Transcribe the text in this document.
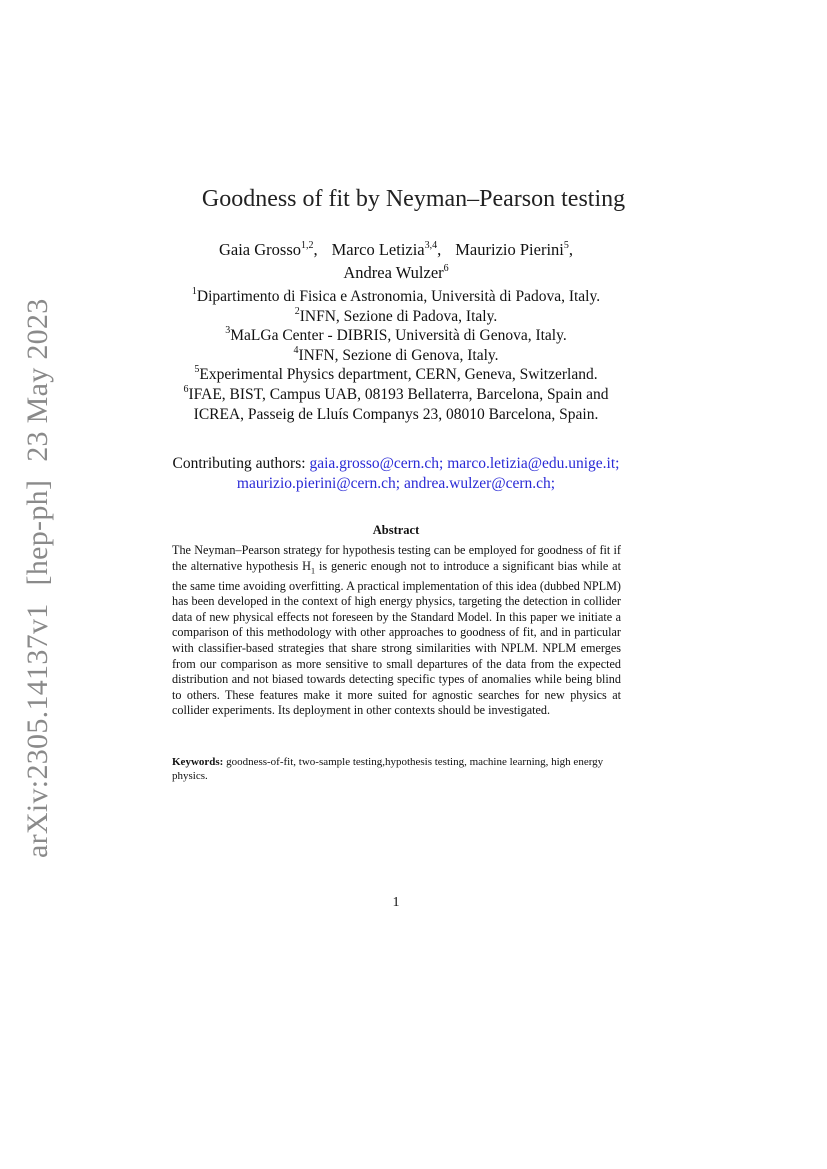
arXiv:2305.14137v1[hep-ph]23 May 2023
Goodness of fit by Neyman–Pearson testing
Gaia Grosso$^{1,2}$, Marco Letizia$^{3,4}$, Maurizio Pierini$^5$,
Andrea Wulzer$^6$
$^1$Dipartimento di Fisica e Astronomia, Università di Padova, Italy.
$^2$INFN, Sezione di Padova, Italy.
$^3$MaLGa Center - DIBRIS, Università di Genova, Italy.
$^4$INFN, Sezione di Genova, Italy.
$^5$Experimental Physics department, CERN, Geneva, Switzerland.
$^6$IFAE, BIST, Campus UAB, 08193 Bellaterra, Barcelona, Spain and
ICREA, Passeig de Lluís Companys 23, 08010 Barcelona, Spain.
Contributing authors: gaia.grosso@cern.ch; marco.letizia@edu.unige.it;
maurizio.pierini@cern.ch; andrea.wulzer@cern.ch;
Abstract
The Neyman–Pearson strategy for hypothesis testing can be employed for goodness of fit if the alternative hypothesis $H_1$ is generic enough not to introduce a significant bias while at the same time avoiding overfitting. A practical implementation of this idea (dubbed NPLM) has been developed in the context of high energy physics, targeting the detection in collider data of new physical effects not foreseen by the Standard Model. In this paper we initiate a comparison of this methodology with other approaches to goodness of fit, and in particular with classifier-based strategies that share strong similarities with NPLM. NPLM emerges from our comparison as more sensitive to small departures of the data from the expected distribution and not biased towards detecting specific types of anomalies while being blind to others. These features make it more suited for agnostic searches for new physics at collider experiments. Its deployment in other contexts should be investigated.
Keywords: goodness-of-fit, two-sample testing,hypothesis testing, machine learning, high energy physics.
1
